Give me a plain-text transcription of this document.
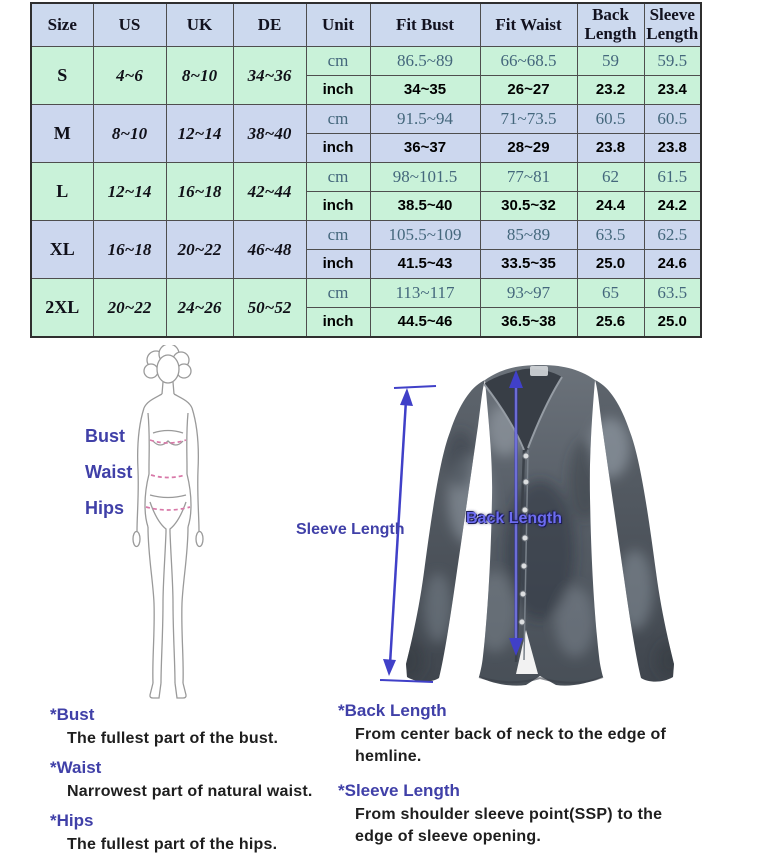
Size	US	UK	DE	Unit	Fit Bust	Fit Waist	Back Length	Sleeve Length
S	4~6	8~10	34~36	cm	86.5~89	66~68.5	59	59.5
				inch	34~35	26~27	23.2	23.4
M	8~10	12~14	38~40	cm	91.5~94	71~73.5	60.5	60.5
				inch	36~37	28~29	23.8	23.8
L	12~14	16~18	42~44	cm	98~101.5	77~81	62	61.5
				inch	38.5~40	30.5~32	24.4	24.2
XL	16~18	20~22	46~48	cm	105.5~109	85~89	63.5	62.5
				inch	41.5~43	33.5~35	25.0	24.6
2XL	20~22	24~26	50~52	cm	113~117	93~97	65	63.5
				inch	44.5~46	36.5~38	25.6	25.0
Bust
Waist
Hips
Sleeve Length
Back Length
*Bust
The fullest part of the bust.
*Waist
Narrowest part of natural waist.
*Hips
The fullest part of the hips.
*Back Length
From center back of neck to the edge of hemline.
*Sleeve Length
From shoulder sleeve point(SSP) to the edge of sleeve opening.
